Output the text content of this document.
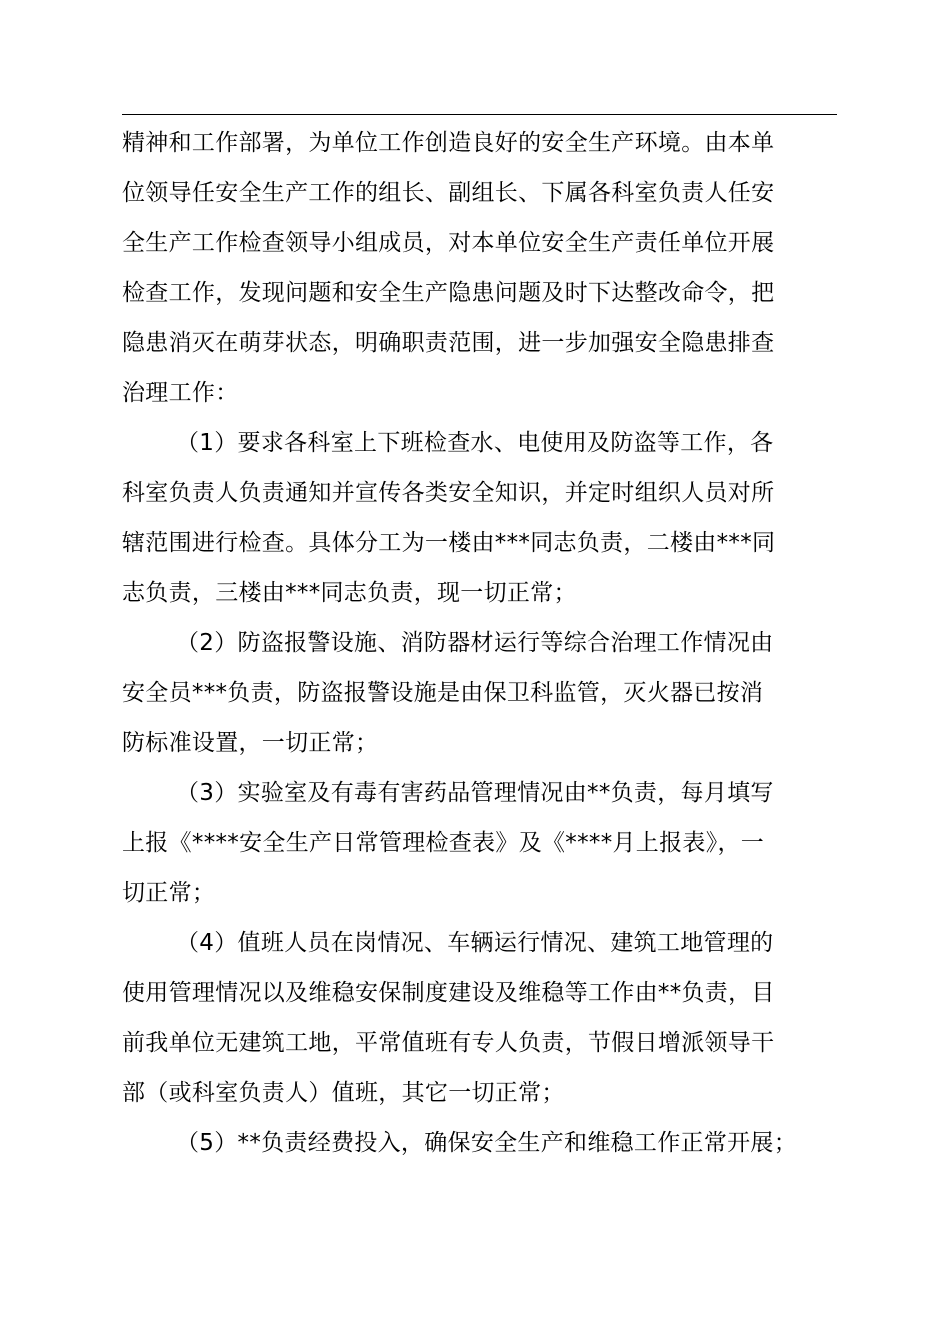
精神和工作部署，为单位工作创造良好的安全生产环境。由本单
位领导任安全生产工作的组长、副组长、下属各科室负责人任安
全生产工作检查领导小组成员，对本单位安全生产责任单位开展
检查工作，发现问题和安全生产隐患问题及时下达整改命令，把
隐患消灭在萌芽状态，明确职责范围，进一步加强安全隐患排查
治理工作：
（1）要求各科室上下班检查水、电使用及防盗等工作，各
科室负责人负责通知并宣传各类安全知识，并定时组织人员对所
辖范围进行检查。具体分工为一楼由***同志负责，二楼由***同
志负责，三楼由***同志负责，现一切正常；
（2）防盗报警设施、消防器材运行等综合治理工作情况由
安全员***负责，防盗报警设施是由保卫科监管，灭火器已按消
防标准设置，一切正常；
（3）实验室及有毒有害药品管理情况由**负责，每月填写
上报《****安全生产日常管理检查表》及《****月上报表》，一
切正常；
（4）值班人员在岗情况、车辆运行情况、建筑工地管理的
使用管理情况以及维稳安保制度建设及维稳等工作由**负责，目
前我单位无建筑工地，平常值班有专人负责，节假日增派领导干
部（或科室负责人）值班，其它一切正常；
（5）**负责经费投入，确保安全生产和维稳工作正常开展；
